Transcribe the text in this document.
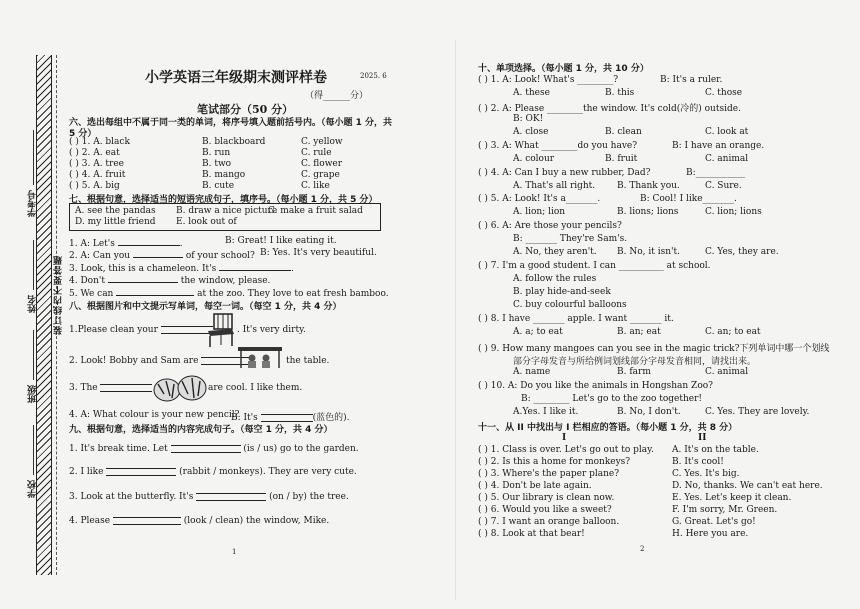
学考号
姓名 装订线内不要答题
班级
学校
小学英语三年级期末测评样卷	2025. 6
（得______分）
笔试部分（50 分）
六、选出每组中不属于同一类的单词，将序号填入题前括号内。（每小题 1 分，共
5 分）
( ) 1. A. black	B. blackboard	C. yellow
( ) 2. A. eat	B. run	C. rule
( ) 3. A. tree	B. two	C. flower
( ) 4. A. fruit	B. mango	C. grape
( ) 5. A. big	B. cute	C. like
七、根据句意，选择适当的短语完成句子，填序号。（每小题 1 分，共 5 分）
A. see the pandas B. draw a nice picture
C. make a fruit salad
D. my little friend E. look out of
1. A: Let's	.	B: Great! I like eating it.
2. A: Can you	of your school? B: Yes. It's very beautiful.
3. Look, this is a chameleon. It's	.
4. Don't	the window, please.
5. We can	at the zoo. They love to eat fresh bamboo.
八、根据图片和中文提示写单词，每空一词。（每空 1 分，共 4 分）
1.Please clean your	. It's very dirty.
2. Look! Bobby and Sam are	the table.
3. The	are cool. I like them.
4. A: What colour is your new pencil?
B: It's	(蓝色的).
九、根据句意，选择适当的内容完成句子。（每空 1 分，共 4 分）
1. It's break time. Let	(is / us) go to the garden.
2. I like	(rabbit / monkeys). They are very cute.
3. Look at the butterfly. It's	(on / by) the tree.
4. Please	(look / clean) the window, Mike.
1
十、单项选择。（每小题 1 分，共 10 分）
( ) 1. A: Look! What's ________?	B: It's a ruler.
A. these	B. this	C. those
( ) 2. A: Please ________the window. It's cold(冷的) outside.
B: OK!
A. close	B. clean	C. look at
( ) 3. A: What ________do you have?	B: I have an orange.
A. colour	B. fruit	C. animal
( ) 4. A: Can I buy a new rubber, Dad?	B:___________
A. That's all right. B. Thank you.	C. Sure.
( ) 5. A: Look! It's a_______.	B: Cool! I like_______.
A. lion; lion	B. lions; lions	C. lion; lions
( ) 6. A: Are those your pencils?
B: _______ They're Sam's.
A. No, they aren't. B. No, it isn't.	C. Yes, they are.
( ) 7. I'm a good student. I can __________ at school.
A. follow the rules
B. play hide-and-seek
C. buy colourful balloons
( ) 8. I have _______ apple. I want _______ it.
A. a; to eat	B. an; eat	C. an; to eat
( ) 9. How many mangoes can you see in the magic trick?下列单词中哪一个划线
部分字母发音与所给例词划线部分字母发音相同，请找出来。
A. name	B. farm	C. animal
( ) 10. A: Do you like the animals in Hongshan Zoo?
B: ________ Let's go to the zoo together!
A.Yes. I like it.	B. No, I don't.	C. Yes. They are lovely.
十一、从 II 中找出与 I 栏相应的答语。（每小题 1 分，共 8 分）
I	II
( ) 1. Class is over. Let's go out to play. A. It's on the table.
( ) 2. Is this a home for monkeys?	B. It's cool!
( ) 3. Where's the paper plane?	C. Yes. It's big.
( ) 4. Don't be late again.	D. No, thanks. We can't eat here.
( ) 5. Our library is clean now.	E. Yes. Let's keep it clean.
( ) 6. Would you like a sweet?	F. I'm sorry, Mr. Green.
( ) 7. I want an orange balloon.	G. Great. Let's go!
( ) 8. Look at that bear!	H. Here you are.
2
